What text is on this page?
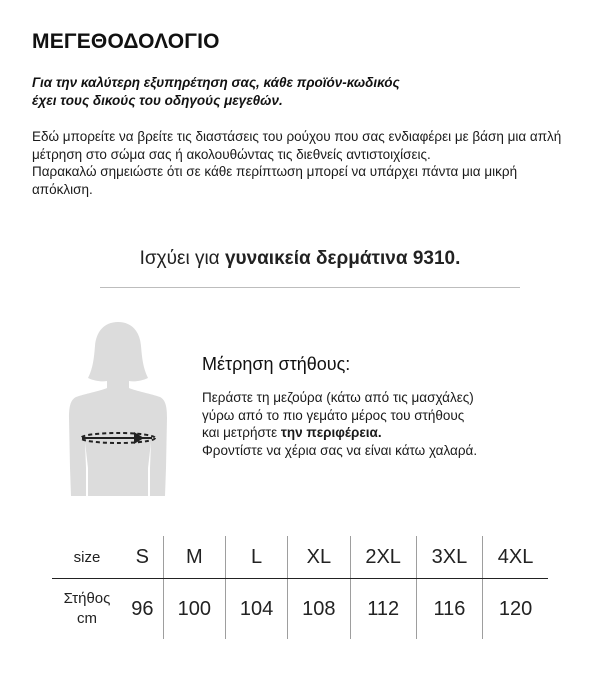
ΜΕΓΕΘΟΔΟΛΟΓΙΟ
Για την καλύτερη εξυπηρέτηση σας, κάθε προϊόν-κωδικός
έχει τους δικούς του οδηγούς μεγεθών.

Εδώ μπορείτε να βρείτε τις διαστάσεις του ρούχου που σας ενδιαφέρει με βάση μια απλή μέτρηση στο σώμα σας ή ακολουθώντας τις διεθνείς αντιστοιχίσεις.

Παρακαλώ σημειώστε ότι σε κάθε περίπτωση μπορεί να υπάρχει πάντα μια μικρή απόκλιση.

Ισχύει για γυναικεία δερμάτινα 9310.
Μέτρηση στήθους:
Περάστε τη μεζούρα (κάτω από τις μασχάλες)
γύρω από το πιο γεμάτο μέρος του στήθους
και μετρήστε την περιφέρεια.
Φροντίστε να χέρια σας να είναι κάτω χαλαρά.
size	S	M	L	XL	2XL	3XL	4XL

Στήθος
cm	96	100	104	108	112	116	120
